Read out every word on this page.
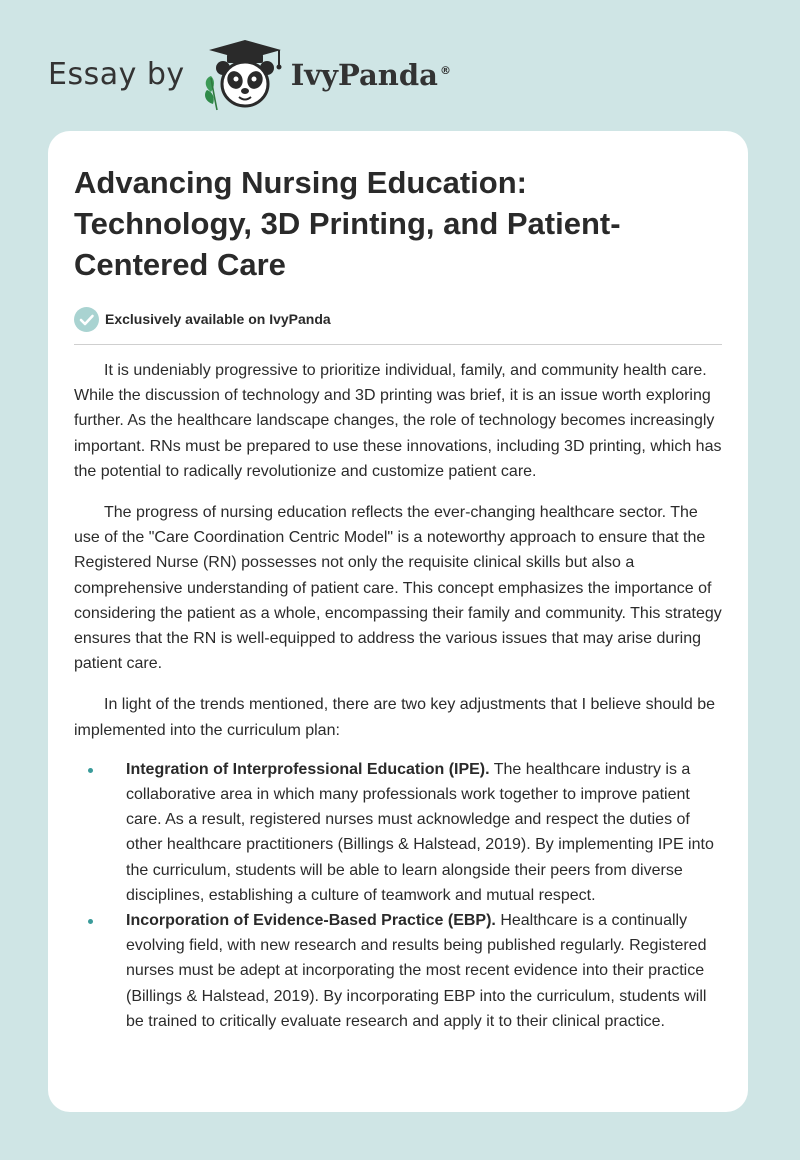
Essay by	IvyPanda ®
Advancing Nursing Education:
Technology, 3D Printing, and Patient-
Centered Care
Exclusively available on IvyPanda

It is undeniably progressive to prioritize individual, family, and community health care. While the discussion of technology and 3D printing was brief, it is an issue worth exploring further. As the healthcare landscape changes, the role of technology becomes increasingly important. RNs must be prepared to use these innovations, including 3D printing, which has the potential to radically revolutionize and customize patient care.

The progress of nursing education reflects the ever-changing healthcare sector. The use of the "Care Coordination Centric Model" is a noteworthy approach to ensure that the Registered Nurse (RN) possesses not only the requisite clinical skills but also a comprehensive understanding of patient care. This concept emphasizes the importance of considering the patient as a whole, encompassing their family and community. This strategy ensures that the RN is well-equipped to address the various issues that may arise during patient care.

In light of the trends mentioned, there are two key adjustments that I believe should be implemented into the curriculum plan:

Integration of Interprofessional Education (IPE). The healthcare industry is a collaborative area in which many professionals work together to improve patient care. As a result, registered nurses must acknowledge and respect the duties of other healthcare practitioners (Billings & Halstead, 2019). By implementing IPE into the curriculum, students will be able to learn alongside their peers from diverse disciplines, establishing a culture of teamwork and mutual respect.
Incorporation of Evidence-Based Practice (EBP). Healthcare is a continually evolving field, with new research and results being published regularly. Registered nurses must be adept at incorporating the most recent evidence into their practice (Billings & Halstead, 2019). By incorporating EBP into the curriculum, students will be trained to critically evaluate research and apply it to their clinical practice.
